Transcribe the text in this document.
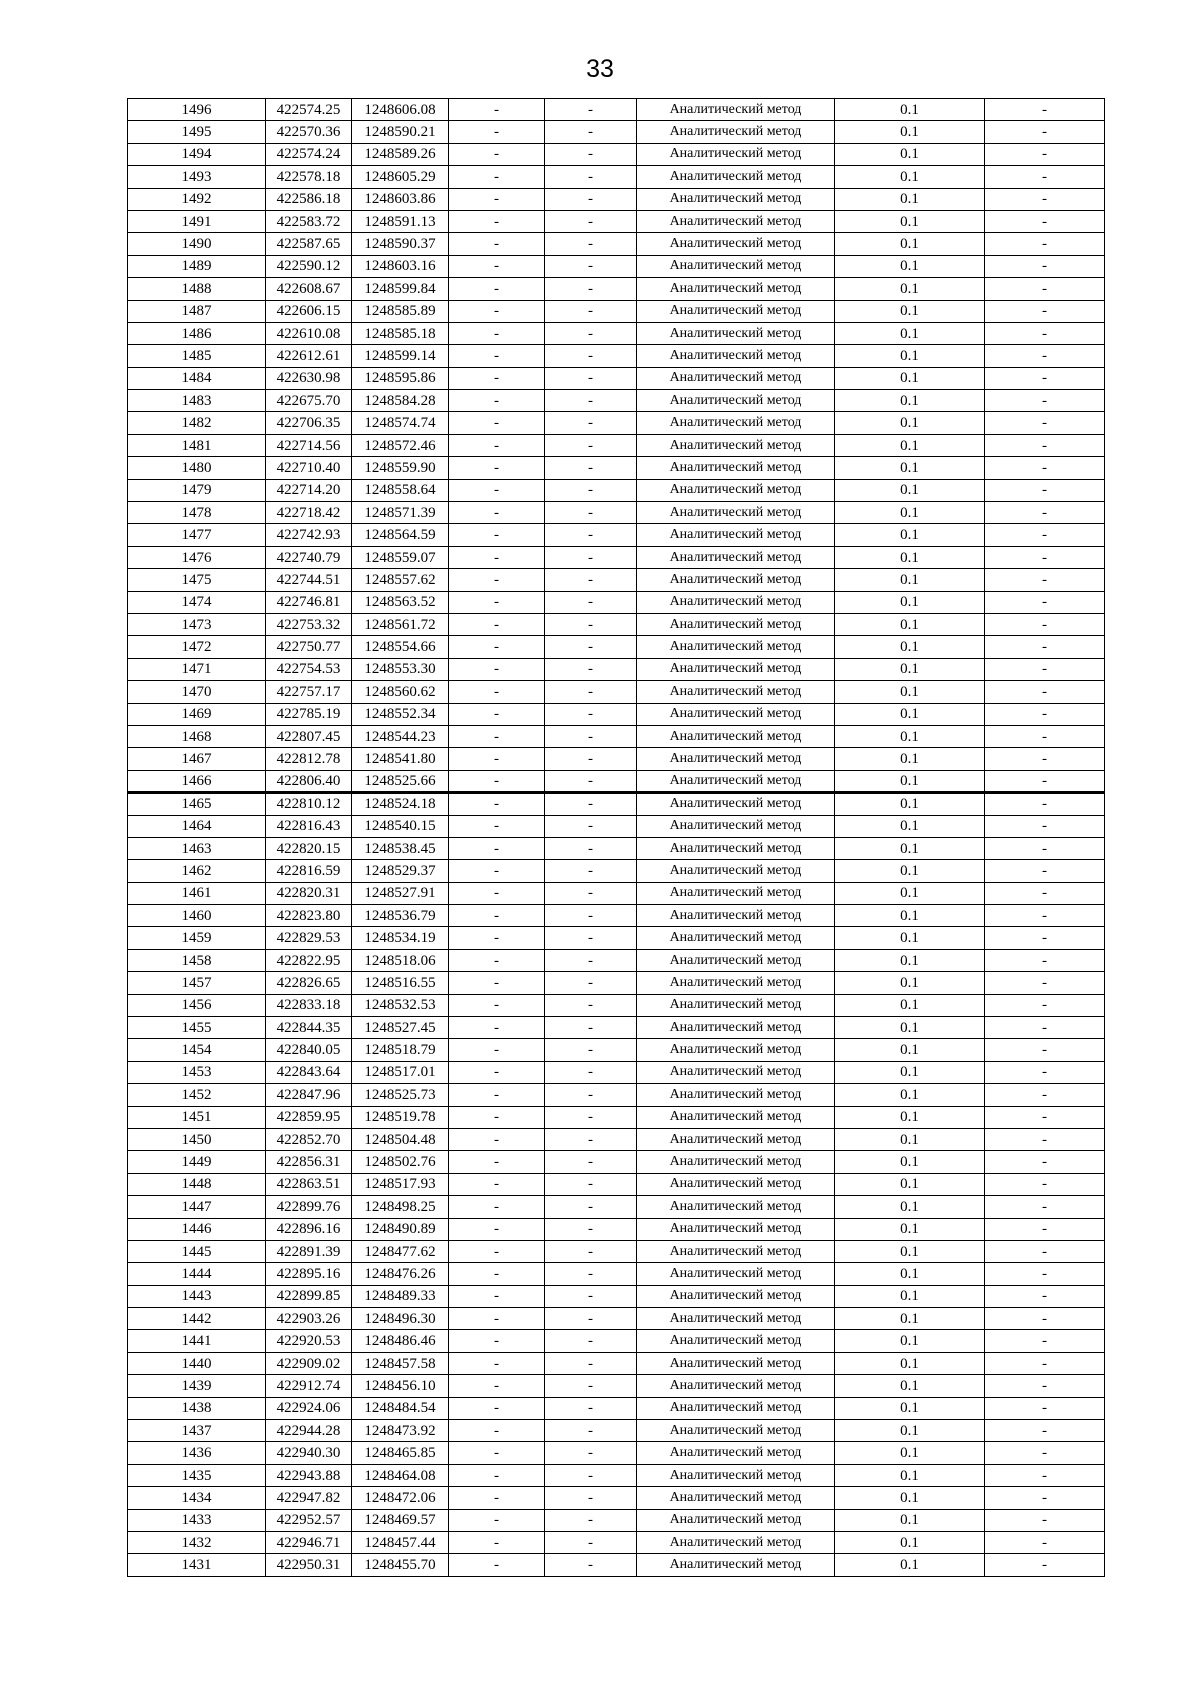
33
1496	422574.25	1248606.08	-	-	Аналитический метод	0.1	-
1495	422570.36	1248590.21	-	-	Аналитический метод	0.1	-
1494	422574.24	1248589.26	-	-	Аналитический метод	0.1	-
1493	422578.18	1248605.29	-	-	Аналитический метод	0.1	-
1492	422586.18	1248603.86	-	-	Аналитический метод	0.1	-
1491	422583.72	1248591.13	-	-	Аналитический метод	0.1	-
1490	422587.65	1248590.37	-	-	Аналитический метод	0.1	-
1489	422590.12	1248603.16	-	-	Аналитический метод	0.1	-
1488	422608.67	1248599.84	-	-	Аналитический метод	0.1	-
1487	422606.15	1248585.89	-	-	Аналитический метод	0.1	-
1486	422610.08	1248585.18	-	-	Аналитический метод	0.1	-
1485	422612.61	1248599.14	-	-	Аналитический метод	0.1	-
1484	422630.98	1248595.86	-	-	Аналитический метод	0.1	-
1483	422675.70	1248584.28	-	-	Аналитический метод	0.1	-
1482	422706.35	1248574.74	-	-	Аналитический метод	0.1	-
1481	422714.56	1248572.46	-	-	Аналитический метод	0.1	-
1480	422710.40	1248559.90	-	-	Аналитический метод	0.1	-
1479	422714.20	1248558.64	-	-	Аналитический метод	0.1	-
1478	422718.42	1248571.39	-	-	Аналитический метод	0.1	-
1477	422742.93	1248564.59	-	-	Аналитический метод	0.1	-
1476	422740.79	1248559.07	-	-	Аналитический метод	0.1	-
1475	422744.51	1248557.62	-	-	Аналитический метод	0.1	-
1474	422746.81	1248563.52	-	-	Аналитический метод	0.1	-
1473	422753.32	1248561.72	-	-	Аналитический метод	0.1	-
1472	422750.77	1248554.66	-	-	Аналитический метод	0.1	-
1471	422754.53	1248553.30	-	-	Аналитический метод	0.1	-
1470	422757.17	1248560.62	-	-	Аналитический метод	0.1	-
1469	422785.19	1248552.34	-	-	Аналитический метод	0.1	-
1468	422807.45	1248544.23	-	-	Аналитический метод	0.1	-
1467	422812.78	1248541.80	-	-	Аналитический метод	0.1	-
1466	422806.40	1248525.66	-	-	Аналитический метод	0.1	-
1465	422810.12	1248524.18	-	-	Аналитический метод	0.1	-
1464	422816.43	1248540.15	-	-	Аналитический метод	0.1	-
1463	422820.15	1248538.45	-	-	Аналитический метод	0.1	-
1462	422816.59	1248529.37	-	-	Аналитический метод	0.1	-
1461	422820.31	1248527.91	-	-	Аналитический метод	0.1	-
1460	422823.80	1248536.79	-	-	Аналитический метод	0.1	-
1459	422829.53	1248534.19	-	-	Аналитический метод	0.1	-
1458	422822.95	1248518.06	-	-	Аналитический метод	0.1	-
1457	422826.65	1248516.55	-	-	Аналитический метод	0.1	-
1456	422833.18	1248532.53	-	-	Аналитический метод	0.1	-
1455	422844.35	1248527.45	-	-	Аналитический метод	0.1	-
1454	422840.05	1248518.79	-	-	Аналитический метод	0.1	-
1453	422843.64	1248517.01	-	-	Аналитический метод	0.1	-
1452	422847.96	1248525.73	-	-	Аналитический метод	0.1	-
1451	422859.95	1248519.78	-	-	Аналитический метод	0.1	-
1450	422852.70	1248504.48	-	-	Аналитический метод	0.1	-
1449	422856.31	1248502.76	-	-	Аналитический метод	0.1	-
1448	422863.51	1248517.93	-	-	Аналитический метод	0.1	-
1447	422899.76	1248498.25	-	-	Аналитический метод	0.1	-
1446	422896.16	1248490.89	-	-	Аналитический метод	0.1	-
1445	422891.39	1248477.62	-	-	Аналитический метод	0.1	-
1444	422895.16	1248476.26	-	-	Аналитический метод	0.1	-
1443	422899.85	1248489.33	-	-	Аналитический метод	0.1	-
1442	422903.26	1248496.30	-	-	Аналитический метод	0.1	-
1441	422920.53	1248486.46	-	-	Аналитический метод	0.1	-
1440	422909.02	1248457.58	-	-	Аналитический метод	0.1	-
1439	422912.74	1248456.10	-	-	Аналитический метод	0.1	-
1438	422924.06	1248484.54	-	-	Аналитический метод	0.1	-
1437	422944.28	1248473.92	-	-	Аналитический метод	0.1	-
1436	422940.30	1248465.85	-	-	Аналитический метод	0.1	-
1435	422943.88	1248464.08	-	-	Аналитический метод	0.1	-
1434	422947.82	1248472.06	-	-	Аналитический метод	0.1	-
1433	422952.57	1248469.57	-	-	Аналитический метод	0.1	-
1432	422946.71	1248457.44	-	-	Аналитический метод	0.1	-
1431	422950.31	1248455.70	-	-	Аналитический метод	0.1	-
